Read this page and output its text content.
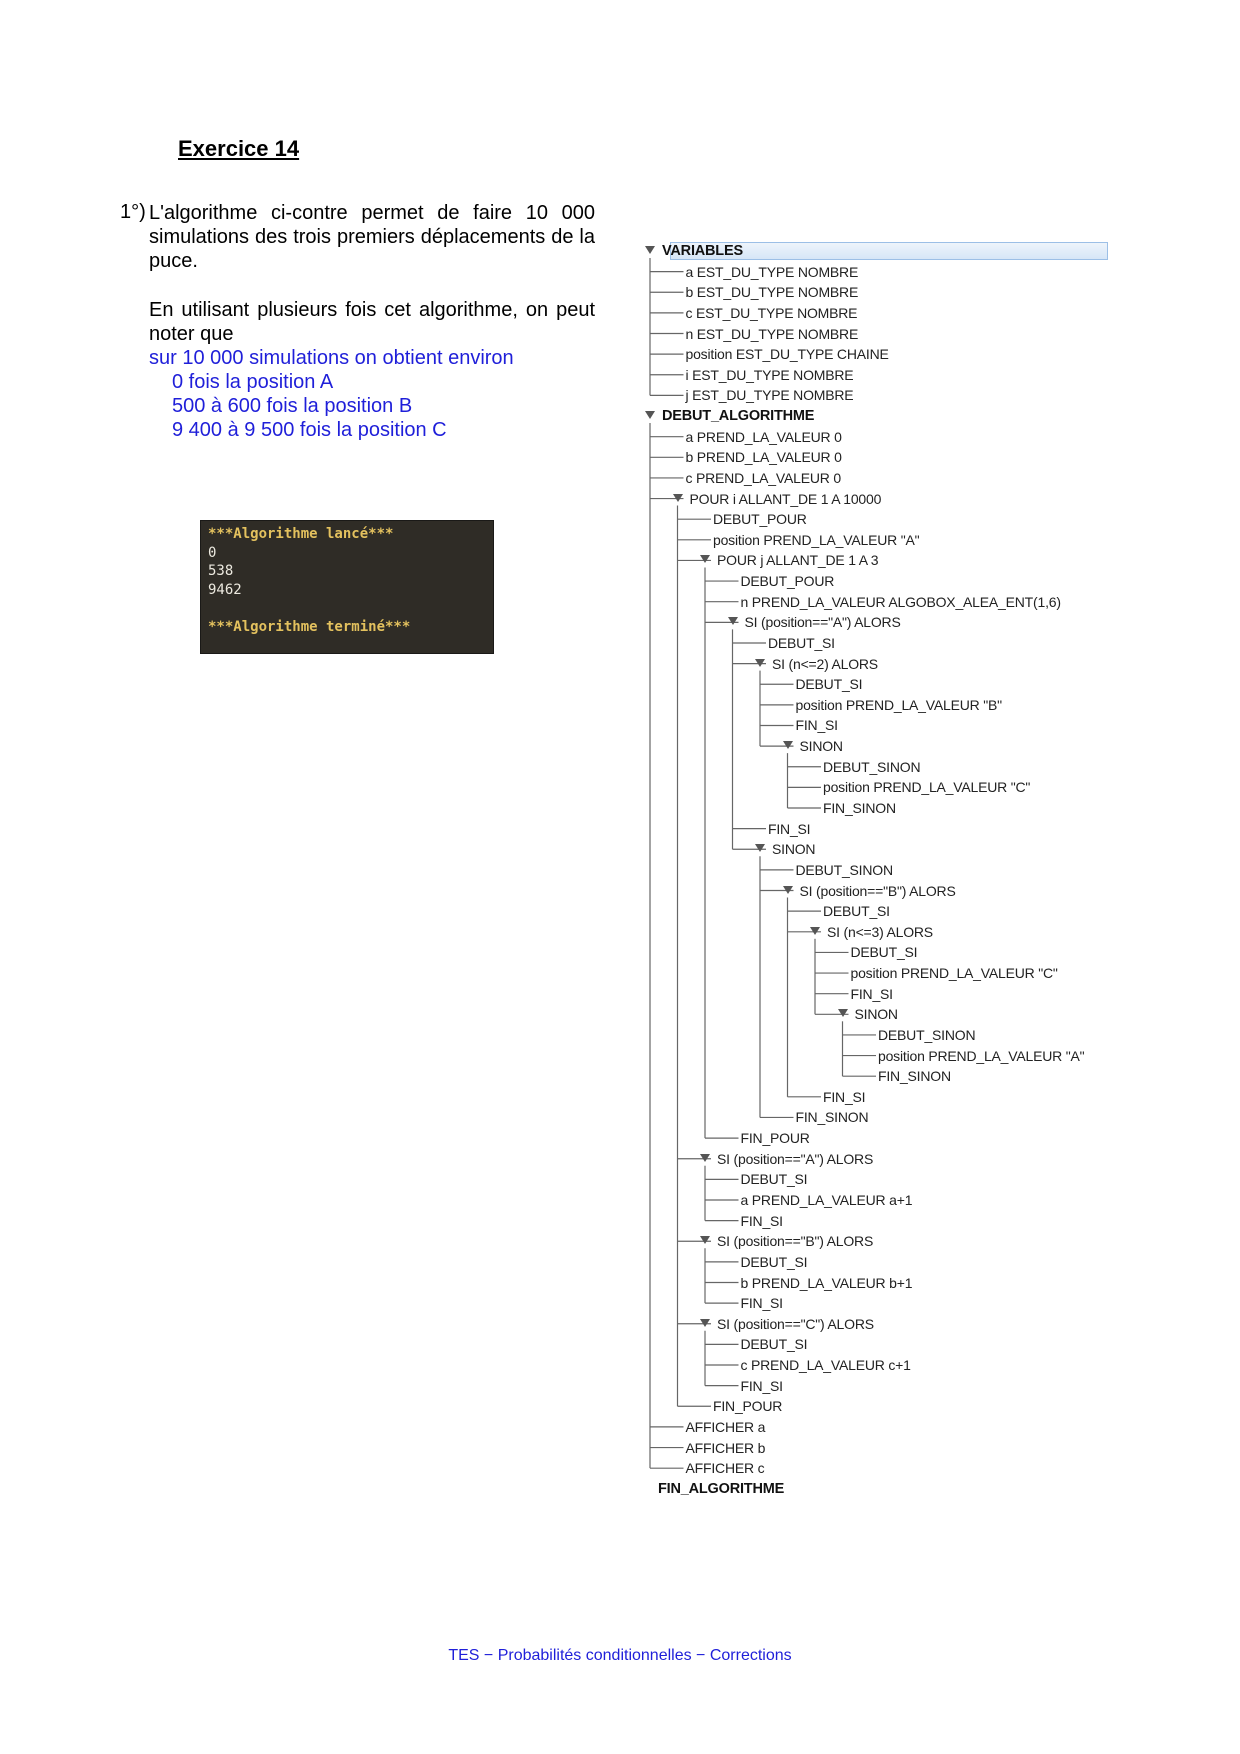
Exercice 14
1°) L'algorithme ci-contre permet de faire 10 000 simulations des trois premiers déplacements de la puce.
En utilisant plusieurs fois cet algorithme, on peut noter que
sur 10 000 simulations on obtient environ
0 fois la position A
500 à 600 fois la position B
9 400 à 9 500 fois la position C
***Algorithme lancé***
0
538
9462

***Algorithme terminé***
VARIABLES
a EST_DU_TYPE NOMBRE
b EST_DU_TYPE NOMBRE
c EST_DU_TYPE NOMBRE
n EST_DU_TYPE NOMBRE
position EST_DU_TYPE CHAINE
i EST_DU_TYPE NOMBRE
j EST_DU_TYPE NOMBRE
DEBUT_ALGORITHME
a PREND_LA_VALEUR 0
b PREND_LA_VALEUR 0
c PREND_LA_VALEUR 0
POUR i ALLANT_DE 1 A 10000
DEBUT_POUR
position PREND_LA_VALEUR "A"
POUR j ALLANT_DE 1 A 3
DEBUT_POUR
n PREND_LA_VALEUR ALGOBOX_ALEA_ENT(1,6)
SI (position=="A") ALORS
DEBUT_SI
SI (n<=2) ALORS
DEBUT_SI
position PREND_LA_VALEUR "B"
FIN_SI
SINON
DEBUT_SINON
position PREND_LA_VALEUR "C"
FIN_SINON
FIN_SI
SINON
DEBUT_SINON
SI (position=="B") ALORS
DEBUT_SI
SI (n<=3) ALORS
DEBUT_SI
position PREND_LA_VALEUR "C"
FIN_SI
SINON
DEBUT_SINON
position PREND_LA_VALEUR "A"
FIN_SINON
FIN_SI
FIN_SINON
FIN_POUR
SI (position=="A") ALORS
DEBUT_SI
a PREND_LA_VALEUR a+1
FIN_SI
SI (position=="B") ALORS
DEBUT_SI
b PREND_LA_VALEUR b+1
FIN_SI
SI (position=="C") ALORS
DEBUT_SI
c PREND_LA_VALEUR c+1
FIN_SI
FIN_POUR
AFFICHER a
AFFICHER b
AFFICHER c
FIN_ALGORITHME
TES − Probabilités conditionnelles − Corrections
